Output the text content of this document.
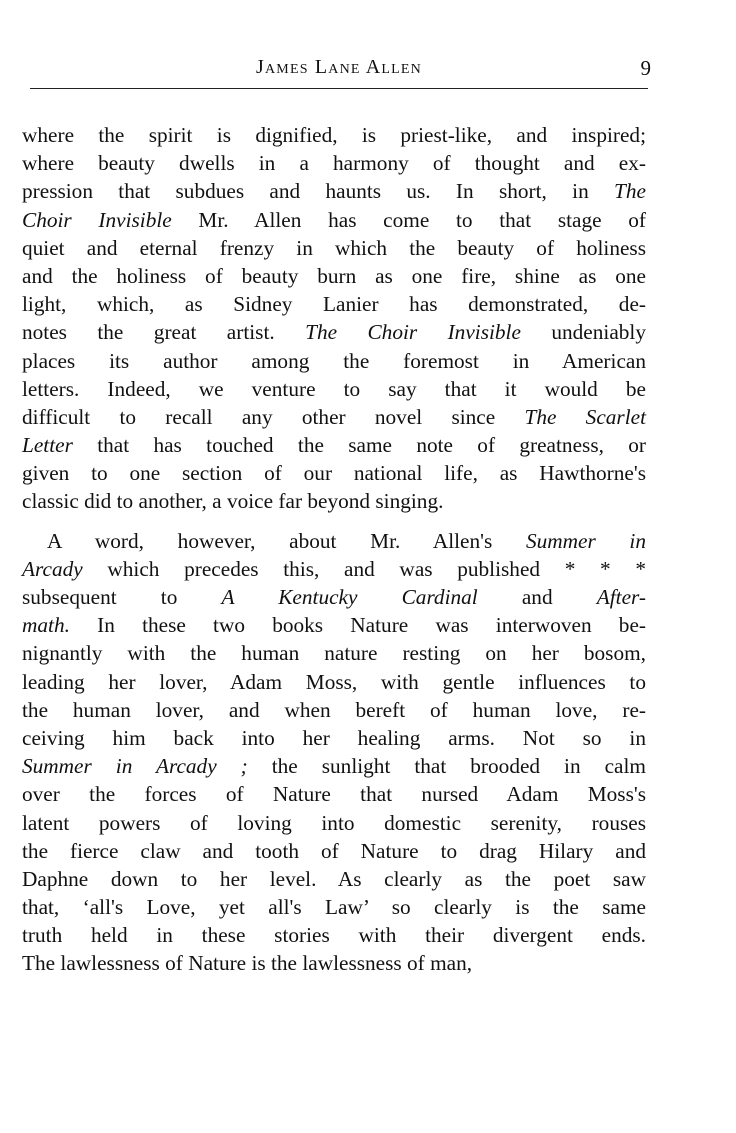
James Lane Allen	9
where the spirit is dignified, is priest-like, and inspired;
where beauty dwells in a harmony of thought and ex-
pression that subdues and haunts us. In short, in The
Choir Invisible Mr. Allen has come to that stage of
quiet and eternal frenzy in which the beauty of holiness
and the holiness of beauty burn as one fire, shine as one
light, which, as Sidney Lanier has demonstrated, de-
notes the great artist. The Choir Invisible undeniably
places its author among the foremost in American
letters. Indeed, we venture to say that it would be
difficult to recall any other novel since The Scarlet
Letter that has touched the same note of greatness, or
given to one section of our national life, as Hawthorne's
classic did to another, a voice far beyond singing.
A word, however, about Mr. Allen's Summer in
Arcady which precedes this, and was published * * *
subsequent to A Kentucky Cardinal and After-
math. In these two books Nature was interwoven be-
nignantly with the human nature resting on her bosom,
leading her lover, Adam Moss, with gentle influences to
the human lover, and when bereft of human love, re-
ceiving him back into her healing arms. Not so in
Summer in Arcady ; the sunlight that brooded in calm
over the forces of Nature that nursed Adam Moss's
latent powers of loving into domestic serenity, rouses
the fierce claw and tooth of Nature to drag Hilary and
Daphne down to her level. As clearly as the poet saw
that, ‘all's Love, yet all's Law’ so clearly is the same
truth held in these stories with their divergent ends.
The lawlessness of Nature is the lawlessness of man,
